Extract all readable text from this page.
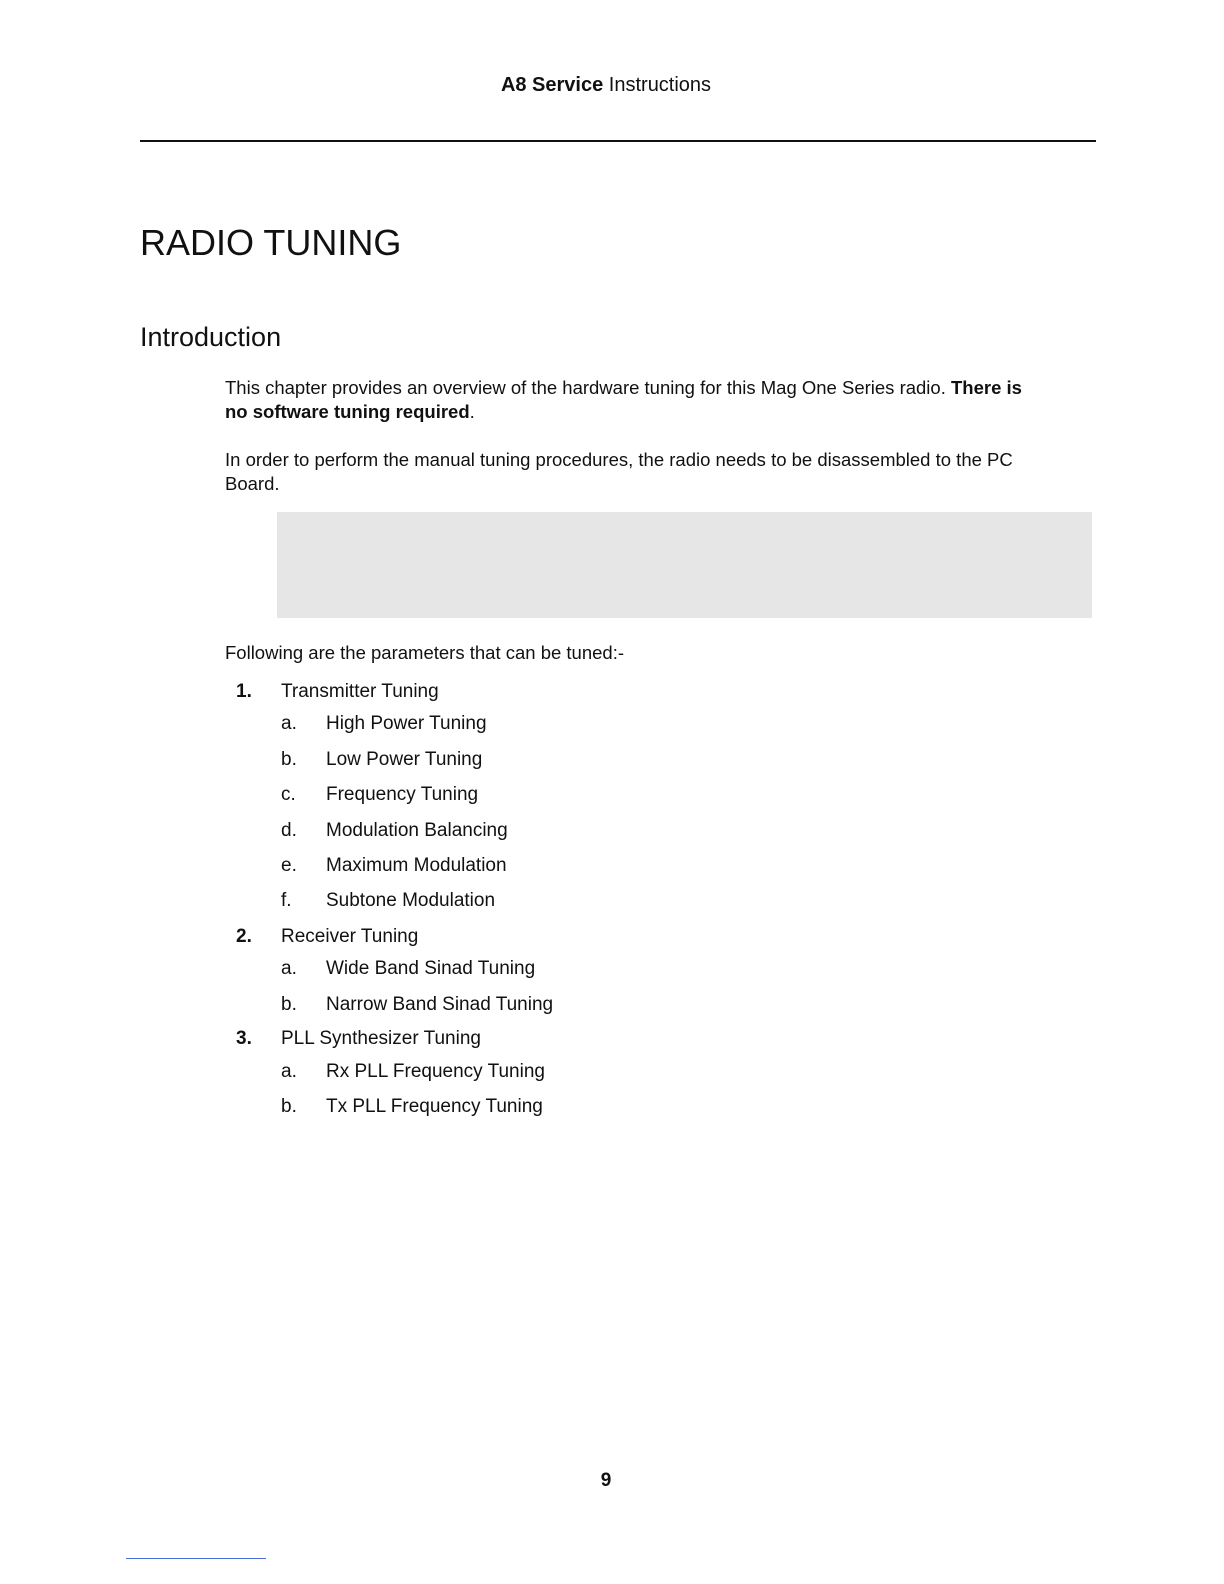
A8 Service Instructions
RADIO TUNING
Introduction

This chapter provides an overview of the hardware tuning for this Mag One Series radio. There is
no software tuning required.

In order to perform the manual tuning procedures, the radio needs to be disassembled to the PC
Board.

Following are the parameters that can be tuned:-

1. Transmitter Tuning
a. High Power Tuning
b. Low Power Tuning
c. Frequency Tuning
d. Modulation Balancing
e. Maximum Modulation
f. Subtone Modulation
2. Receiver Tuning
a. Wide Band Sinad Tuning
b. Narrow Band Sinad Tuning
3. PLL Synthesizer Tuning
a. Rx PLL Frequency Tuning
b. Tx PLL Frequency Tuning
9
